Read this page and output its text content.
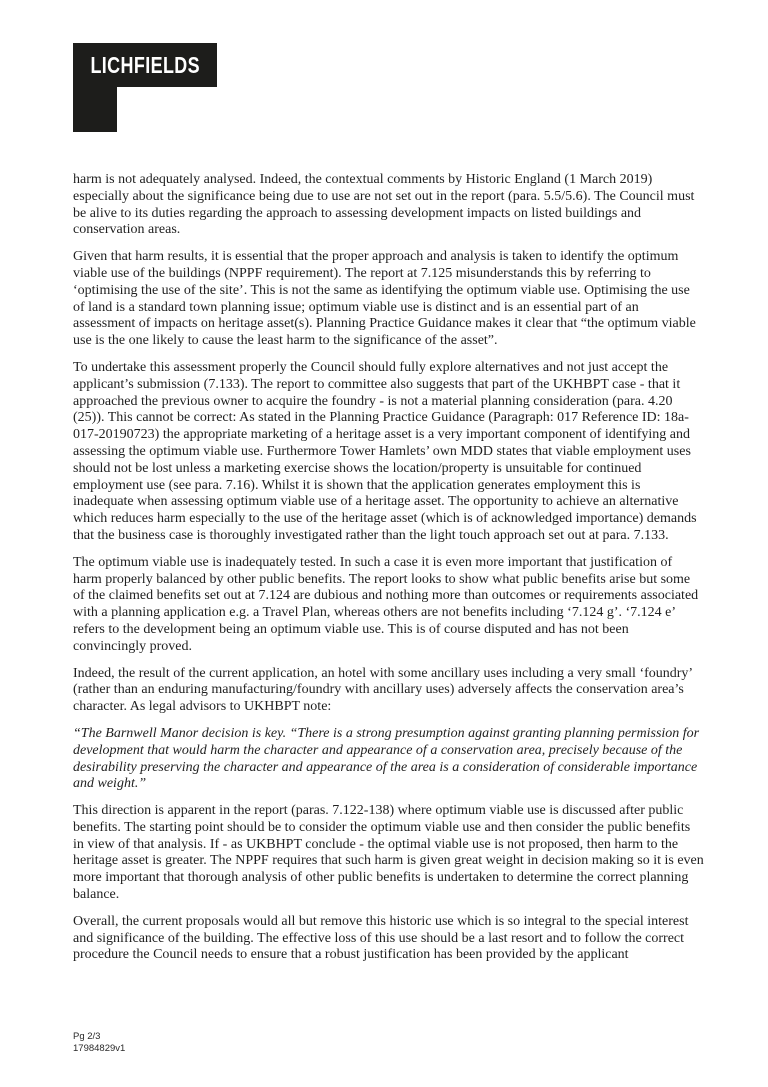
LICHFIELDS

harm is not adequately analysed. Indeed, the contextual comments by Historic England (1 March 2019) especially about the significance being due to use are not set out in the report (para. 5.5/5.6). The Council must be alive to its duties regarding the approach to assessing development impacts on listed buildings and conservation areas.

Given that harm results, it is essential that the proper approach and analysis is taken to identify the optimum viable use of the buildings (NPPF requirement). The report at 7.125 misunderstands this by referring to ‘optimising the use of the site’. This is not the same as identifying the optimum viable use. Optimising the use of land is a standard town planning issue; optimum viable use is distinct and is an essential part of an assessment of impacts on heritage asset(s). Planning Practice Guidance makes it clear that “the optimum viable use is the one likely to cause the least harm to the significance of the asset”.

To undertake this assessment properly the Council should fully explore alternatives and not just accept the applicant’s submission (7.133). The report to committee also suggests that part of the UKHBPT case - that it approached the previous owner to acquire the foundry - is not a material planning consideration (para. 4.20 (25)). This cannot be correct: As stated in the Planning Practice Guidance (Paragraph: 017 Reference ID: 18a-017-20190723) the appropriate marketing of a heritage asset is a very important component of identifying and assessing the optimum viable use. Furthermore Tower Hamlets’ own MDD states that viable employment uses should not be lost unless a marketing exercise shows the location/property is unsuitable for continued employment use (see para. 7.16). Whilst it is shown that the application generates employment this is inadequate when assessing optimum viable use of a heritage asset. The opportunity to achieve an alternative which reduces harm especially to the use of the heritage asset (which is of acknowledged importance) demands that the business case is thoroughly investigated rather than the light touch approach set out at para. 7.133.

The optimum viable use is inadequately tested. In such a case it is even more important that justification of harm properly balanced by other public benefits. The report looks to show what public benefits arise but some of the claimed benefits set out at 7.124 are dubious and nothing more than outcomes or requirements associated with a planning application e.g. a Travel Plan, whereas others are not benefits including ‘7.124 g’. ‘7.124 e’ refers to the development being an optimum viable use. This is of course disputed and has not been convincingly proved.

Indeed, the result of the current application, an hotel with some ancillary uses including a very small ‘foundry’ (rather than an enduring manufacturing/foundry with ancillary uses) adversely affects the conservation area’s character. As legal advisors to UKHBPT note:

“The Barnwell Manor decision is key. “There is a strong presumption against granting planning permission for development that would harm the character and appearance of a conservation area, precisely because of the desirability preserving the character and appearance of the area is a consideration of considerable importance and weight.”

This direction is apparent in the report (paras. 7.122-138) where optimum viable use is discussed after public benefits. The starting point should be to consider the optimum viable use and then consider the public benefits in view of that analysis. If - as UKBHPT conclude - the optimal viable use is not proposed, then harm to the heritage asset is greater. The NPPF requires that such harm is given great weight in decision making so it is even more important that thorough analysis of other public benefits is undertaken to determine the correct planning balance.

Overall, the current proposals would all but remove this historic use which is so integral to the special interest and significance of the building. The effective loss of this use should be a last resort and to follow the correct procedure the Council needs to ensure that a robust justification has been provided by the applicant

Pg 2/3
17984829v1
